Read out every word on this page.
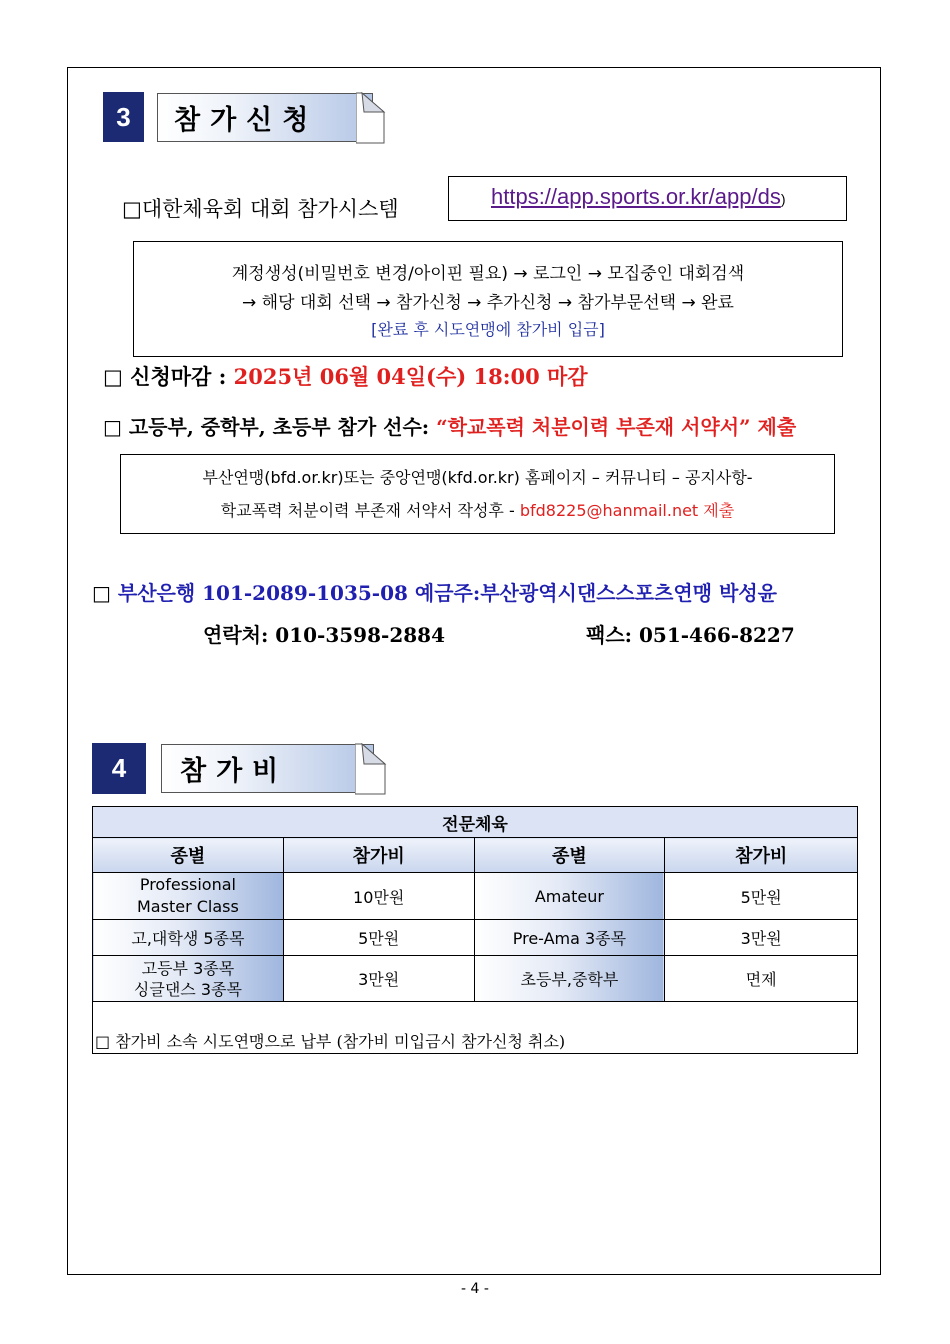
3	참가신청
□대한체육회 대회 참가시스템	https://app.sports.or.kr/app/ds)
계정생성(비밀번호 변경/아이핀 필요) → 로그인 → 모집중인 대회검색
→ 해당 대회 선택 → 참가신청 → 추가신청 → 참가부문선택 → 완료
[완료 후 시도연맹에 참가비 입금]
□ 신청마감 : 2025년 06월 04일(수) 18:00 마감
□ 고등부, 중학부, 초등부 참가 선수: “학교폭력 처분이력 부존재 서약서” 제출
부산연맹(bfd.or.kr)또는 중앙연맹(kfd.or.kr) 홈페이지 – 커뮤니티 – 공지사항-
학교폭력 처분이력 부존재 서약서 작성후 - bfd8225@hanmail.net 제출
□ 부산은행 101-2089-1035-08 예금주:부산광역시댄스스포츠연맹 박성윤
연락처: 010-3598-2884	팩스: 051-466-8227
4	참가비
전문체육			
종별	참가비	종별	참가비
Professional
Master Class	10만원	Amateur	5만원
고,대학생 5종목	5만원	Pre-Ama 3종목	3만원
고등부 3종목
싱글댄스 3종목	3만원	초등부,중학부	면제
□ 참가비 소속 시도연맹으로 납부 (참가비 미입금시 참가신청 취소)
- 4 -
